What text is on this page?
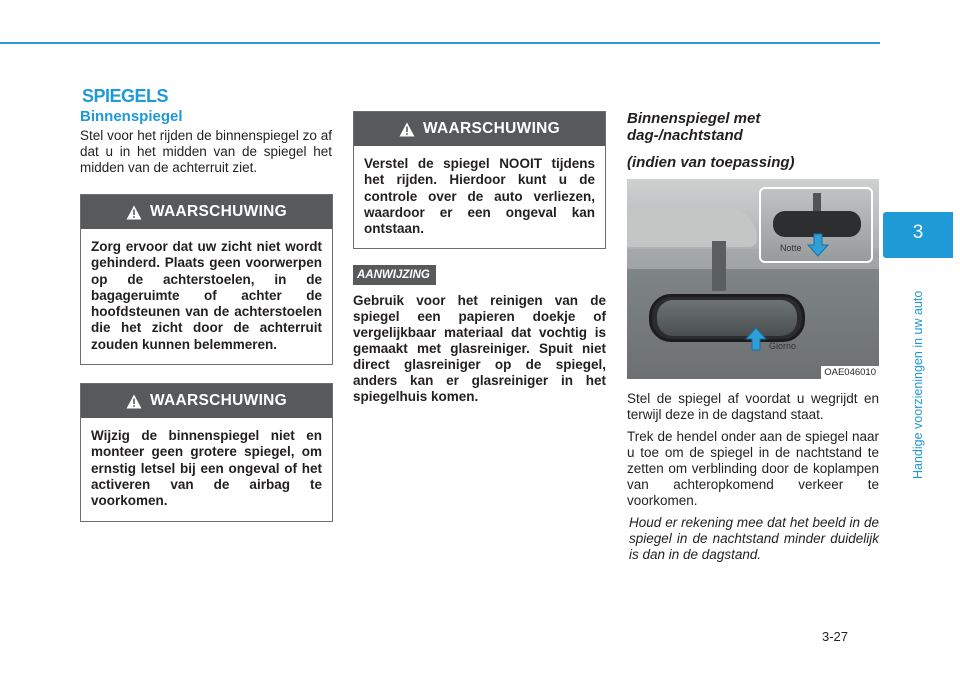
SPIEGELS
Binnenspiegel
Stel voor het rijden de binnenspiegel zo af dat u in het midden van de spiegel het midden van de achterruit ziet.
WAARSCHUWING
Zorg ervoor dat uw zicht niet wordt gehinderd. Plaats geen voorwerpen op de achterstoelen, in de bagageruimte of achter de hoofdsteunen van de achterstoelen die het zicht door de achterruit zouden kunnen belemmeren.
WAARSCHUWING
Wijzig de binnenspiegel niet en monteer geen grotere spiegel, om ernstig letsel bij een ongeval of het activeren van de airbag te voorkomen.
WAARSCHUWING
Verstel de spiegel NOOIT tijdens het rijden. Hierdoor kunt u de controle over de auto verliezen, waardoor er een ongeval kan ontstaan.
AANWIJZING
Gebruik voor het reinigen van de spiegel een papieren doekje of vergelijkbaar materiaal dat vochtig is gemaakt met glasreiniger. Spuit niet direct glasreiniger op de spiegel, anders kan er glasreiniger in het spiegelhuis komen.
Binnenspiegel met dag-/nachtstand
(indien van toepassing)
Giorno
Notte
OAE046010

Stel de spiegel af voordat u wegrijdt en terwijl deze in de dagstand staat.

Trek de hendel onder aan de spiegel naar u toe om de spiegel in de nachtstand te zetten om verblinding door de koplampen van achteropkomend verkeer te voorkomen.

Houd er rekening mee dat het beeld in de spiegel in de nachtstand minder duidelijk is dan in de dagstand.

3
Handige voorzieningen in uw auto
3-27
